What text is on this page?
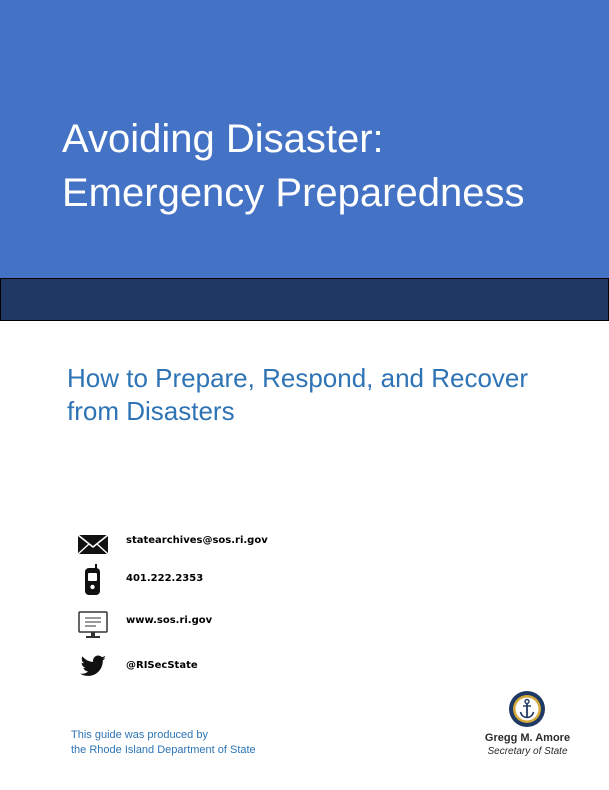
Avoiding Disaster: Emergency Preparedness
How to Prepare, Respond, and Recover from Disasters
statearchives@sos.ri.gov
401.222.2353
www.sos.ri.gov
@RISecState
This guide was produced by
the Rhode Island Department of State
Gregg M. Amore
Secretary of State
